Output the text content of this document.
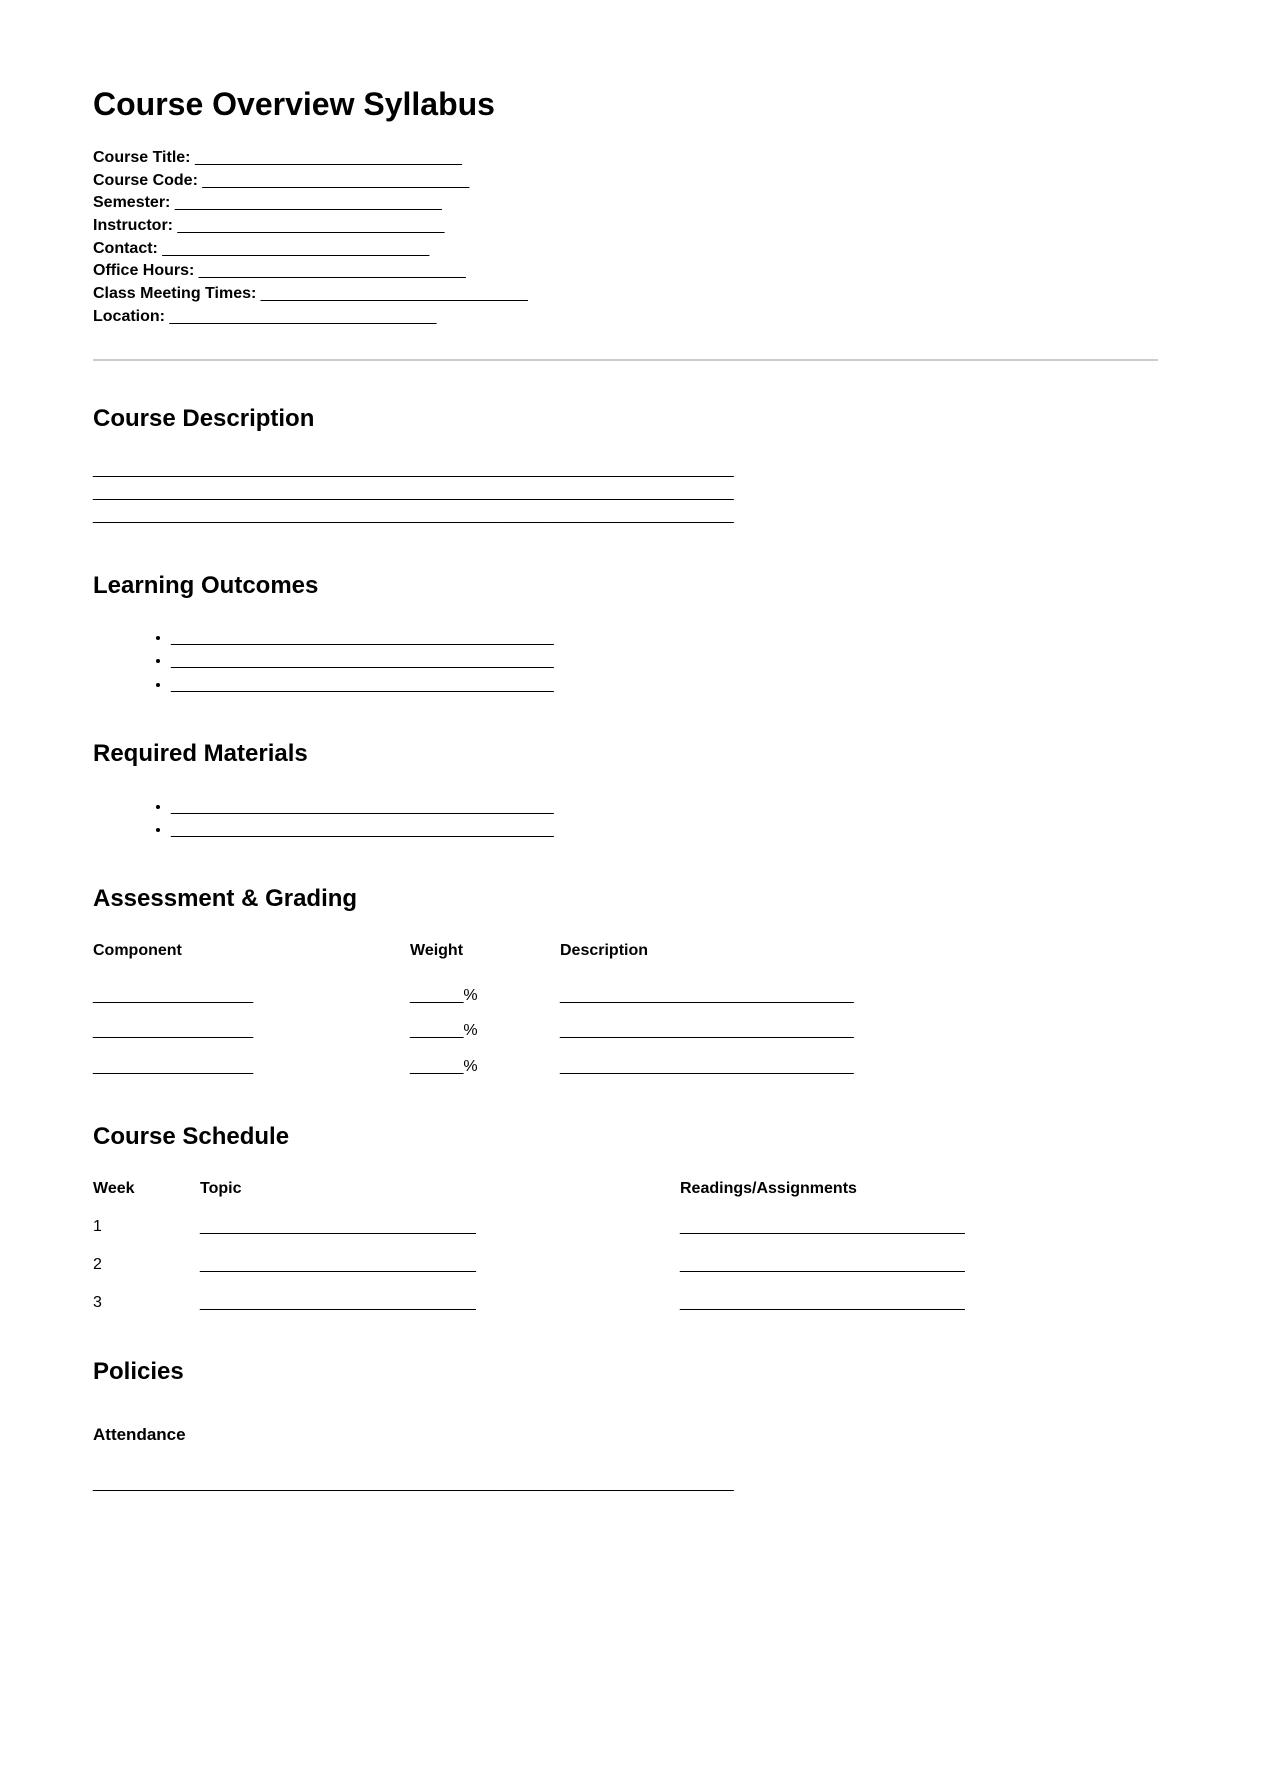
Course Overview Syllabus
Course Title: ______________________________
Course Code: ______________________________
Semester: ______________________________
Instructor: ______________________________
Contact: ______________________________
Office Hours: ______________________________
Class Meeting Times: ______________________________
Location: ______________________________
Course Description
________________________________________________________________________
________________________________________________________________________
________________________________________________________________________
Learning Outcomes
• ___________________________________________
• ___________________________________________
• ___________________________________________
Required Materials
• ___________________________________________
• ___________________________________________
Assessment & Grading
Component	Weight	Description
__________________	______%	_________________________________
__________________	______%	_________________________________
__________________	______%	_________________________________
Course Schedule
Week	Topic	Readings/Assignments
1	_______________________________	________________________________
2	_______________________________	________________________________
3	_______________________________	________________________________
Policies
Attendance
________________________________________________________________________
